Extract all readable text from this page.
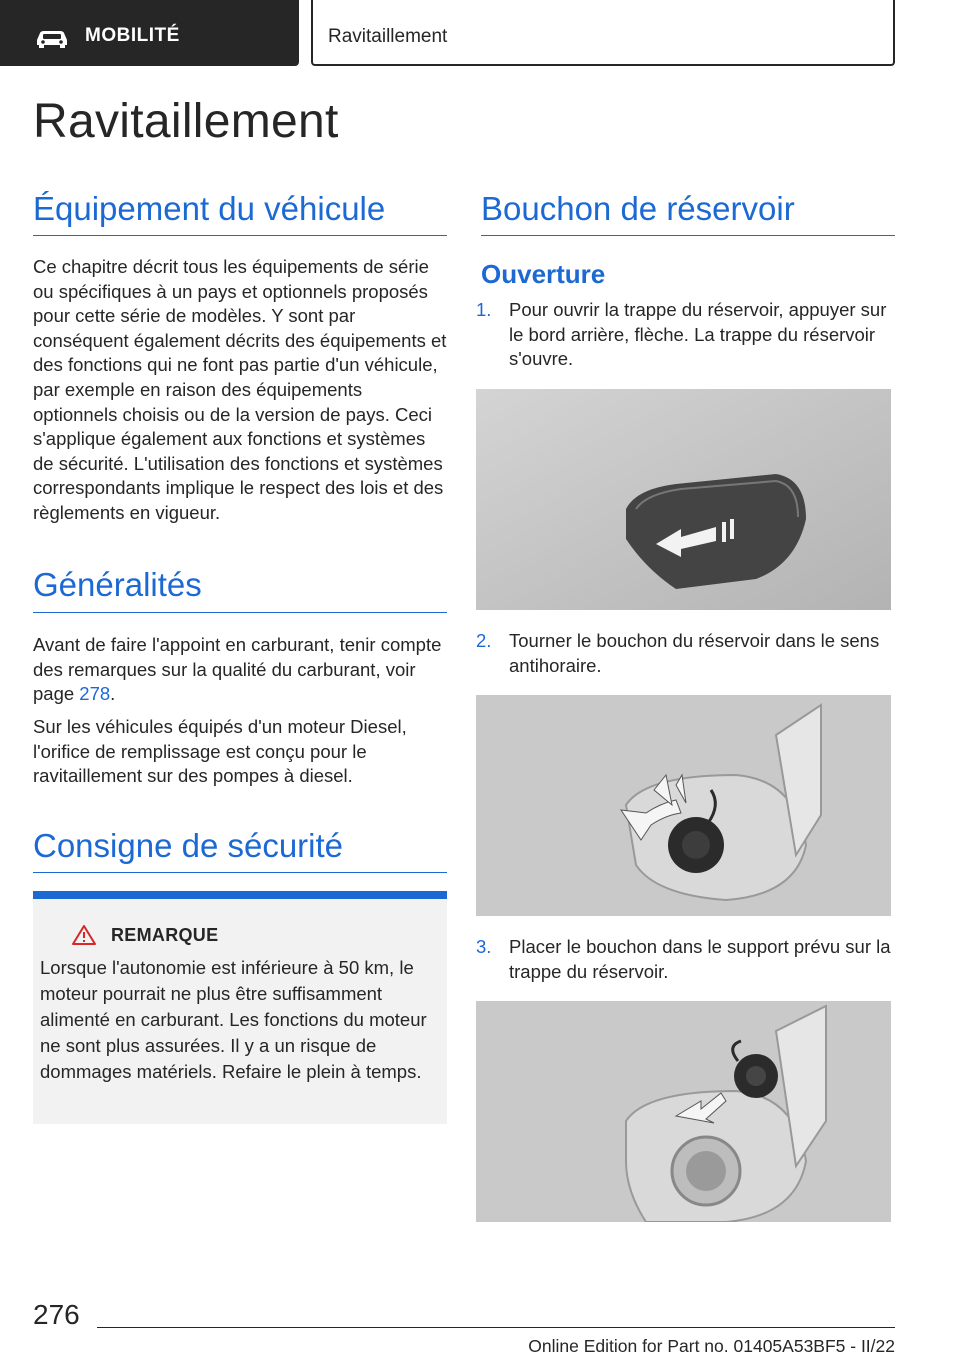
MOBILITÉ	Ravitaillement
Ravitaillement
Équipement du véhicule

Ce chapitre décrit tous les équipements de série ou spécifiques à un pays et optionnels proposés pour cette série de modèles. Y sont par conséquent également décrits des équipements et des fonctions qui ne font pas partie d'un véhicule, par exemple en raison des équipements optionnels choisis ou de la version de pays. Ceci s'applique également aux fonctions et systèmes de sécurité. L'utilisation des fonctions et systèmes correspondants implique le respect des lois et des règlements en vigueur.

Généralités

Avant de faire l'appoint en carburant, tenir compte des remarques sur la qualité du carburant, voir page 278.

Sur les véhicules équipés d'un moteur Diesel, l'orifice de remplissage est conçu pour le ravitaillement sur des pompes à diesel.

Consigne de sécurité
REMARQUE

Lorsque l'autonomie est inférieure à 50 km, le moteur pourrait ne plus être suffisamment alimenté en carburant. Les fonctions du moteur ne sont plus assurées. Il y a un risque de dommages matériels. Refaire le plein à temps.

Bouchon de réservoir
Ouverture
1. Pour ouvrir la trappe du réservoir, appuyer sur le bord arrière, flèche. La trappe du réservoir s'ouvre.
2. Tourner le bouchon du réservoir dans le sens antihoraire.
3. Placer le bouchon dans le support prévu sur la trappe du réservoir.
276
Online Edition for Part no. 01405A53BF5 - II/22
